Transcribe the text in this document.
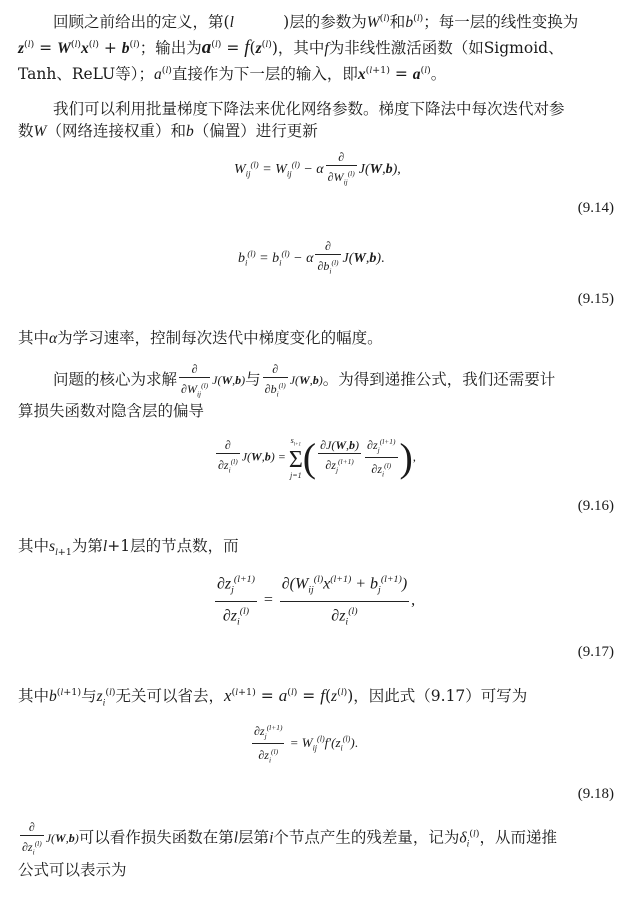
回顾之前给出的定义，第(l          )层的参数为$W^{(l)}$和$b^{(l)}$；每一层的线性变换为

$z^{(l)} = W^{(l)}x^{(l)} + b^{(l)}$；输出为$a^{(l)} = f(z^{(l)})$，其中f为非线性激活函数（如Sigmoid、

Tanh、ReLU等）；$a^{(l)}$直接作为下一层的输入，即$x^{(l+1)} = a^{(l)}$。

我们可以利用批量梯度下降法来优化网络参数。梯度下降法中每次迭代对参

数W（网络连接权重）和b（偏置）进行更新

$W_{ij}^{(l)} = W_{ij}^{(l)} - \alpha \frac{\partial}{\partial W_{ij}^{(l)}} J(W,b)$,
(9.14)
$b_i^{(l)} = b_i^{(l)} - \alpha \frac{\partial}{\partial b_i^{(l)}} J(W,b)$.
(9.15)

其中α为学习速率，控制每次迭代中梯度变化的幅度。

问题的核心为求解 $\frac{\partial}{\partial W_{ij}^{(l)}} J(W,b)$与 $\frac{\partial}{\partial b_i^{(l)}} J(W,b)$。为得到递推公式，我们还需要计

算损失函数对隐含层的偏导

$\frac{\partial}{\partial z_i^{(l)}} J(W,b)$ =
$s_{l+1}$
Σ
j=1 ( $\frac{\partial J(W,b)}{\partial z_j^{(l+1)}} \frac{\partial z_j^{(l+1)}}{\partial z_i^{(l)}}$ ),
(9.16)

其中$s_{l+1}$为第l+1层的节点数，而

$\frac{\partial z_j^{(l+1)}}{\partial z_i^{(l)}} = \frac{\partial(W_{ij}^{(l)}x^{(l+1)} + b_j^{(l+1)})}{\partial z_i^{(l)}}$ ,
(9.17)

其中$b^{(l+1)}$与$z_i^{(l)}$无关可以省去，$x^{(l+1)} = a^{(l)} = f(z^{(l)})$，因此式（9.17）可写为

$\frac{\partial z_j^{(l+1)}}{\partial z_i^{(l)}} = W_{ij}^{(l)}f'(z_i^{(l)})$.
(9.18)
$\frac{\partial}{\partial z_i^{(l)}} J(W,b)$可以看作损失函数在第l层第i个节点产生的残差量，记为$\delta_i^{(l)}$，从而递推

公式可以表示为
